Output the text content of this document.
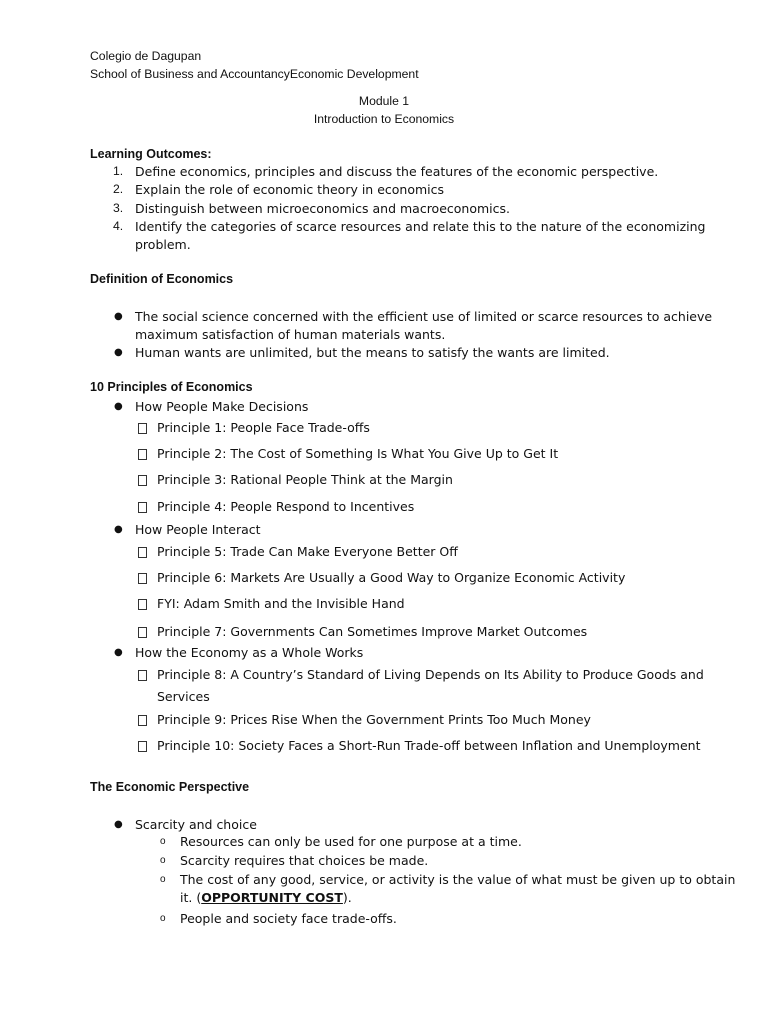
Colegio de Dagupan
School of Business and AccountancyEconomic Development
Module 1
Introduction to Economics
Learning Outcomes:
1. Define economics, principles and discuss the features of the economic perspective.
2. Explain the role of economic theory in economics
3. Distinguish between microeconomics and macroeconomics.
4. Identify the categories of scarce resources and relate this to the nature of the economizing
problem.
Definition of Economics
● The social science concerned with the efficient use of limited or scarce resources to achieve
maximum satisfaction of human materials wants.
● Human wants are unlimited, but the means to satisfy the wants are limited.
10 Principles of Economics
● How People Make Decisions
Principle 1: People Face Trade-offs
Principle 2: The Cost of Something Is What You Give Up to Get It
Principle 3: Rational People Think at the Margin
Principle 4: People Respond to Incentives
● How People Interact
Principle 5: Trade Can Make Everyone Better Off
Principle 6: Markets Are Usually a Good Way to Organize Economic Activity
FYI: Adam Smith and the Invisible Hand
Principle 7: Governments Can Sometimes Improve Market Outcomes
● How the Economy as a Whole Works
Principle 8: A Country’s Standard of Living Depends on Its Ability to Produce Goods and
Services
Principle 9: Prices Rise When the Government Prints Too Much Money
Principle 10: Society Faces a Short-Run Trade-off between Inflation and Unemployment
The Economic Perspective
● Scarcity and choice
o Resources can only be used for one purpose at a time.
o Scarcity requires that choices be made.
o The cost of any good, service, or activity is the value of what must be given up to obtain
it. (OPPORTUNITY COST).
o People and society face trade-offs.
